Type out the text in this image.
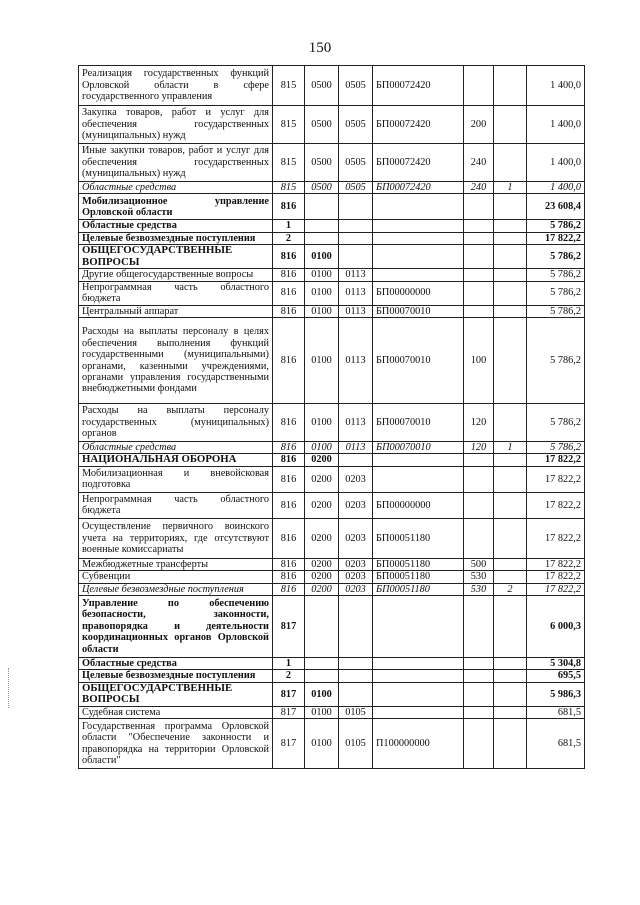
150
Реализация государственных функций Орловской области в сфере государственного управления	815	0500	0505	БП00072420			1 400,0
Закупка товаров, работ и услуг для обеспечения государственных (муниципальных) нужд	815	0500	0505	БП00072420	200		1 400,0
Иные закупки товаров, работ и услуг для обеспечения государственных (муниципальных) нужд	815	0500	0505	БП00072420	240		1 400,0
Областные средства	815	0500	0505	БП00072420	240	1	1 400,0
Мобилизационное управление Орловской области	816						23 608,4
Областные средства	1						5 786,2
Целевые безвозмездные поступления	2						17 822,2
ОБЩЕГОСУДАРСТВЕННЫЕ ВОПРОСЫ	816	0100					5 786,2
Другие общегосударственные вопросы	816	0100	0113				5 786,2
Непрограммная часть областного бюджета	816	0100	0113	БП00000000			5 786,2
Центральный аппарат	816	0100	0113	БП00070010			5 786,2
Расходы на выплаты персоналу в целях обеспечения выполнения функций государственными (муниципальными) органами, казенными учреждениями, органами управления государственными внебюджетными фондами	816	0100	0113	БП00070010	100		5 786,2
Расходы на выплаты персоналу государственных (муниципальных) органов	816	0100	0113	БП00070010	120		5 786,2
Областные средства	816	0100	0113	БП00070010	120	1	5 786,2
НАЦИОНАЛЬНАЯ ОБОРОНА	816	0200					17 822,2
Мобилизационная и вневойсковая подготовка	816	0200	0203				17 822,2
Непрограммная часть областного бюджета	816	0200	0203	БП00000000			17 822,2
Осуществление первичного воинского учета на территориях, где отсутствуют военные комиссариаты	816	0200	0203	БП00051180			17 822,2
Межбюджетные трансферты	816	0200	0203	БП00051180	500		17 822,2
Субвенции	816	0200	0203	БП00051180	530		17 822,2
Целевые безвозмездные поступления	816	0200	0203	БП00051180	530	2	17 822,2
Управление по обеспечению безопасности, законности, правопорядка и деятельности координационных органов Орловской области	817						6 000,3
Областные средства	1						5 304,8
Целевые безвозмездные поступления	2						695,5
ОБЩЕГОСУДАРСТВЕННЫЕ ВОПРОСЫ	817	0100					5 986,3
Судебная система	817	0100	0105				681,5
Государственная программа Орловской области "Обеспечение законности и правопорядка на территории Орловской области"	817	0100	0105	П100000000			681,5
